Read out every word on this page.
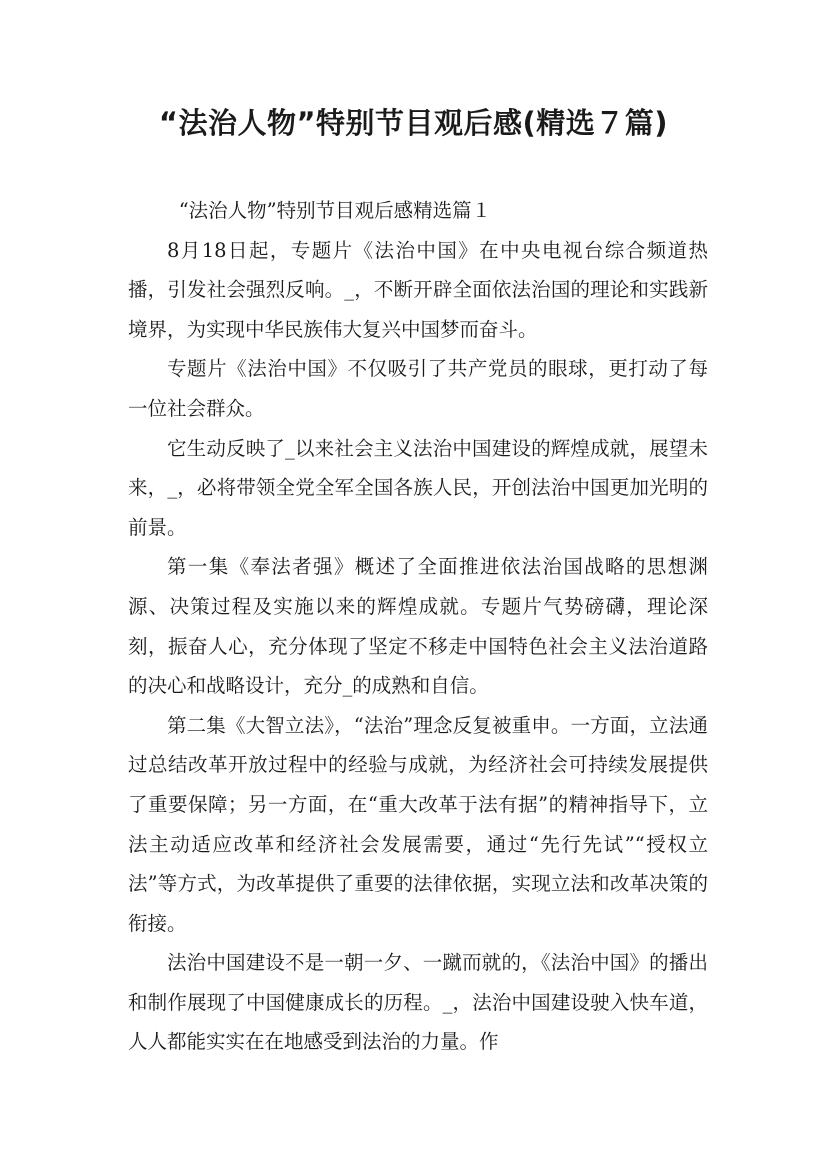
“法治人物”特别节目观后感(精选７篇)

“法治人物”特别节目观后感精选篇１

8月18日起，专题片《法治中国》在中央电视台综合频道热播，引发社会强烈反响。_，不断开辟全面依法治国的理论和实践新境界，为实现中华民族伟大复兴中国梦而奋斗。

专题片《法治中国》不仅吸引了共产党员的眼球，更打动了每一位社会群众。

它生动反映了_以来社会主义法治中国建设的辉煌成就，展望未来，_，必将带领全党全军全国各族人民，开创法治中国更加光明的前景。

第一集《奉法者强》概述了全面推进依法治国战略的思想渊源、决策过程及实施以来的辉煌成就。专题片气势磅礴，理论深刻，振奋人心，充分体现了坚定不移走中国特色社会主义法治道路的决心和战略设计，充分_的成熟和自信。

第二集《大智立法》，“法治”理念反复被重申。一方面，立法通过总结改革开放过程中的经验与成就，为经济社会可持续发展提供了重要保障；另一方面，在“重大改革于法有据”的精神指导下，立法主动适应改革和经济社会发展需要，通过“先行先试”“授权立法”等方式，为改革提供了重要的法律依据，实现立法和改革决策的衔接。

法治中国建设不是一朝一夕、一蹴而就的，《法治中国》的播出和制作展现了中国健康成长的历程。_，法治中国建设驶入快车道，人人都能实实在在地感受到法治的力量。作
